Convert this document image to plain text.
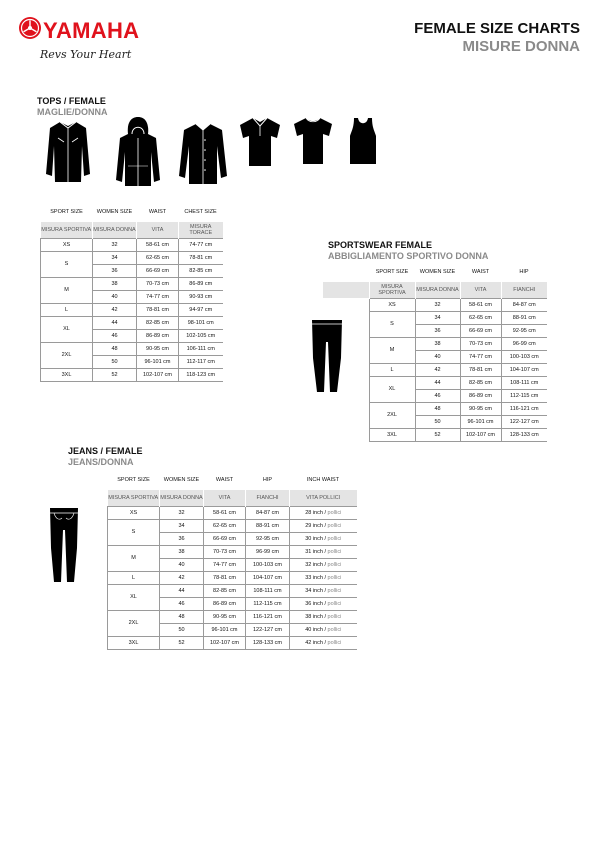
YAMAHA
Revs Your Heart
FEMALE SIZE CHARTS
MISURE DONNA
TOPS / FEMALE
MAGLIE/DONNA
SPORT SIZE	WOMEN SIZE	WAIST	CHEST SIZE
MISURA SPORTIVA	MISURA DONNA	VITA	MISURA TORACE
XS	32	58-61 cm	74-77 cm
S	34	62-65 cm	78-81 cm
	36	66-69 cm	82-85 cm
M	38	70-73 cm	86-89 cm
	40	74-77 cm	90-93 cm
L	42	78-81 cm	94-97 cm
XL	44	82-85 cm	98-101 cm
	46	86-89 cm	102-105 cm
2XL	48	90-95 cm	106-111 cm
	50	96-101 cm	112-117 cm
3XL	52	102-107 cm	118-123 cm
SPORTSWEAR FEMALE
ABBIGLIAMENTO SPORTIVO DONNA
	SPORT SIZE	WOMEN SIZE	WAIST	HIP
	MISURA SPORTIVA	MISURA DONNA	VITA	FIANCHI
	XS	32	58-61 cm	84-87 cm
	S	34	62-65 cm	88-91 cm
		36	66-69 cm	92-95 cm
	M	38	70-73 cm	96-99 cm
		40	74-77 cm	100-103 cm
	L	42	78-81 cm	104-107 cm
	XL	44	82-85 cm	108-111 cm
		46	86-89 cm	112-115 cm
	2XL	48	90-95 cm	116-121 cm
		50	96-101 cm	122-127 cm
	3XL	52	102-107 cm	128-133 cm
JEANS / FEMALE
JEANS/DONNA
SPORT SIZE	WOMEN SIZE	WAIST	HIP	INCH WAIST
MISURA SPORTIVA	MISURA DONNA	VITA	FIANCHI	VITA POLLICI
XS	32	58-61 cm	84-87 cm	28 inch / pollici
S	34	62-65 cm	88-91 cm	29 inch / pollici
	36	66-69 cm	92-95 cm	30 inch / pollici
M	38	70-73 cm	96-99 cm	31 inch / pollici
	40	74-77 cm	100-103 cm	32 inch / pollici
L	42	78-81 cm	104-107 cm	33 inch / pollici
XL	44	82-85 cm	108-111 cm	34 inch / pollici
	46	86-89 cm	112-115 cm	36 inch / pollici
2XL	48	90-95 cm	116-121 cm	38 inch / pollici
	50	96-101 cm	122-127 cm	40 inch / pollici
3XL	52	102-107 cm	128-133 cm	42 inch / pollici
